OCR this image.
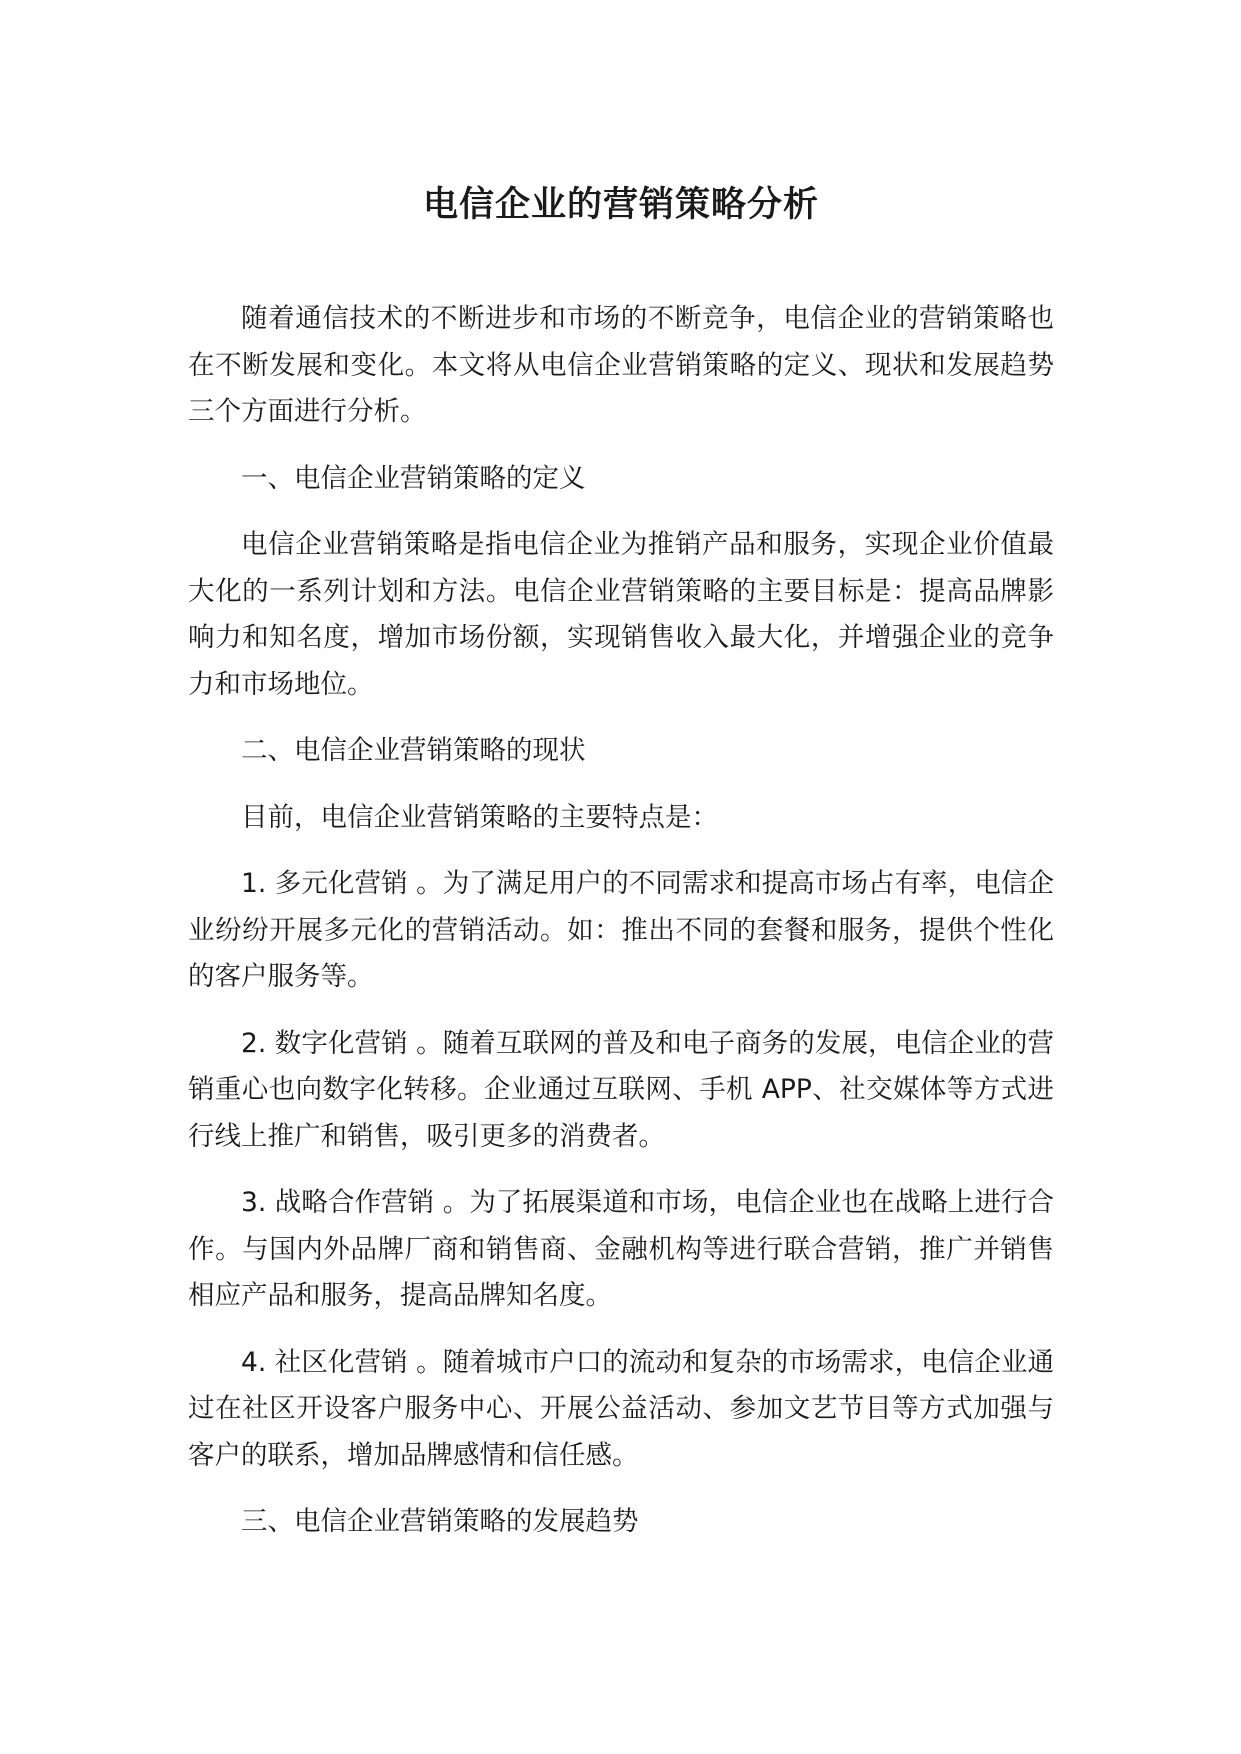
电信企业的营销策略分析

随着通信技术的不断进步和市场的不断竞争，电信企业的营销策略也在不断发展和变化。本文将从电信企业营销策略的定义、现状和发展趋势三个方面进行分析。

一、电信企业营销策略的定义

电信企业营销策略是指电信企业为推销产品和服务，实现企业价值最大化的一系列计划和方法。电信企业营销策略的主要目标是：提高品牌影响力和知名度，增加市场份额，实现销售收入最大化，并增强企业的竞争力和市场地位。

二、电信企业营销策略的现状

目前，电信企业营销策略的主要特点是：

1. 多元化营销 。为了满足用户的不同需求和提高市场占有率，电信企业纷纷开展多元化的营销活动。如：推出不同的套餐和服务，提供个性化的客户服务等。

2. 数字化营销 。随着互联网的普及和电子商务的发展，电信企业的营销重心也向数字化转移。企业通过互联网、手机 APP、社交媒体等方式进行线上推广和销售，吸引更多的消费者。

3. 战略合作营销 。为了拓展渠道和市场，电信企业也在战略上进行合作。与国内外品牌厂商和销售商、金融机构等进行联合营销，推广并销售相应产品和服务，提高品牌知名度。

4. 社区化营销 。随着城市户口的流动和复杂的市场需求，电信企业通过在社区开设客户服务中心、开展公益活动、参加文艺节目等方式加强与客户的联系，增加品牌感情和信任感。

三、电信企业营销策略的发展趋势
